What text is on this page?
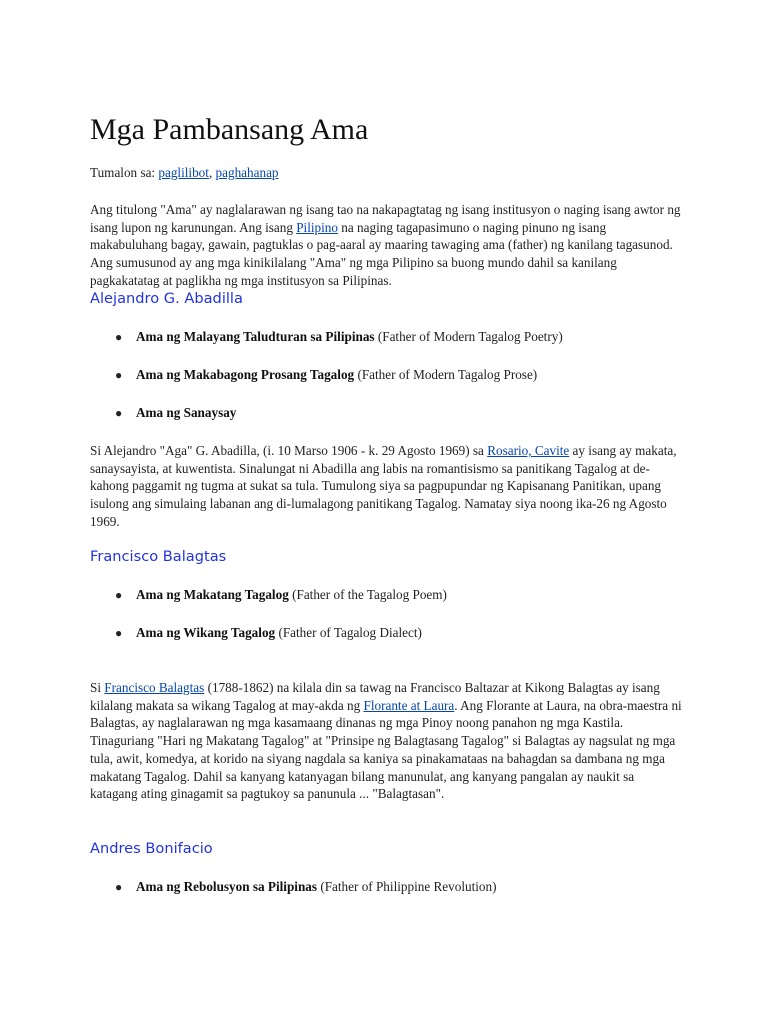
Mga Pambansang Ama

Tumalon sa: paglilibot, paghahanap

Ang titulong "Ama" ay naglalarawan ng isang tao na nakapagtatag ng isang institusyon o naging isang awtor ng isang lupon ng karunungan. Ang isang Pilipino na naging tagapasimuno o naging pinuno ng isang makabuluhang bagay, gawain, pagtuklas o pag-aaral ay maaring tawaging ama (father) ng kanilang tagasunod. Ang sumusunod ay ang mga kinikilalang "Ama" ng mga Pilipino sa buong mundo dahil sa kanilang pagkakatatag at paglikha ng mga institusyon sa Pilipinas.

Alejandro G. Abadilla

● Ama ng Malayang Taludturan sa Pilipinas (Father of Modern Tagalog Poetry)

● Ama ng Makabagong Prosang Tagalog (Father of Modern Tagalog Prose)

● Ama ng Sanaysay

Si Alejandro "Aga" G. Abadilla, (i. 10 Marso 1906 - k. 29 Agosto 1969) sa Rosario, Cavite ay isang ay makata, sanaysayista, at kuwentista. Sinalungat ni Abadilla ang labis na romantisismo sa panitikang Tagalog at de-kahong paggamit ng tugma at sukat sa tula. Tumulong siya sa pagpupundar ng Kapisanang Panitikan, upang isulong ang simulaing labanan ang di-lumalagong panitikang Tagalog. Namatay siya noong ika-26 ng Agosto 1969.

Francisco Balagtas

● Ama ng Makatang Tagalog (Father of the Tagalog Poem)

● Ama ng Wikang Tagalog (Father of Tagalog Dialect)

Si Francisco Balagtas (1788-1862) na kilala din sa tawag na Francisco Baltazar at Kikong Balagtas ay isang kilalang makata sa wikang Tagalog at may-akda ng Florante at Laura. Ang Florante at Laura, na obra-maestra ni Balagtas, ay naglalarawan ng mga kasamaang dinanas ng mga Pinoy noong panahon ng mga Kastila. Tinaguriang "Hari ng Makatang Tagalog" at "Prinsipe ng Balagtasang Tagalog" si Balagtas ay nagsulat ng mga tula, awit, komedya, at korido na siyang nagdala sa kaniya sa pinakamataas na bahagdan sa dambana ng mga makatang Tagalog. Dahil sa kanyang katanyagan bilang manunulat, ang kanyang pangalan ay naukit sa katagang ating ginagamit sa pagtukoy sa panunula ... "Balagtasan".

Andres Bonifacio

● Ama ng Rebolusyon sa Pilipinas (Father of Philippine Revolution)
